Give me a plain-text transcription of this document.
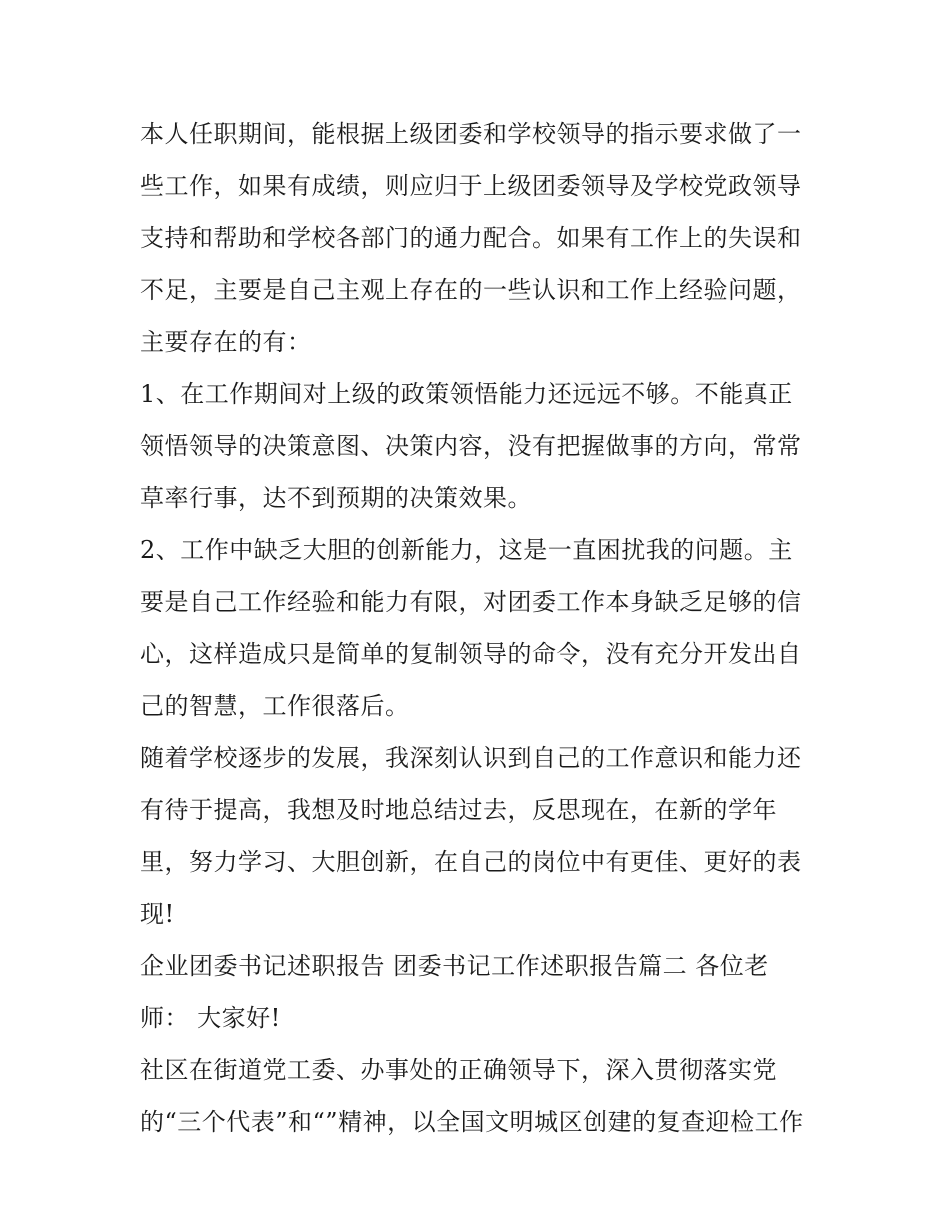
本人任职期间，能根据上级团委和学校领导的指示要求做了一
些工作，如果有成绩，则应归于上级团委领导及学校党政领导
支持和帮助和学校各部门的通力配合。如果有工作上的失误和
不足，主要是自己主观上存在的一些认识和工作上经验问题，
主要存在的有：
1、在工作期间对上级的政策领悟能力还远远不够。不能真正
领悟领导的决策意图、决策内容，没有把握做事的方向，常常
草率行事，达不到预期的决策效果。
2、工作中缺乏大胆的创新能力，这是一直困扰我的问题。主
要是自己工作经验和能力有限，对团委工作本身缺乏足够的信
心，这样造成只是简单的复制领导的命令，没有充分开发出自
己的智慧，工作很落后。
随着学校逐步的发展，我深刻认识到自己的工作意识和能力还
有待于提高，我想及时地总结过去，反思现在，在新的学年
里，努力学习、大胆创新，在自己的岗位中有更佳、更好的表
现!
企业团委书记述职报告 团委书记工作述职报告篇二 各位老
师： 大家好!
社区在街道党工委、办事处的正确领导下，深入贯彻落实党
的“三个代表”和“”精神，以全国文明城区创建的复查迎检工作
